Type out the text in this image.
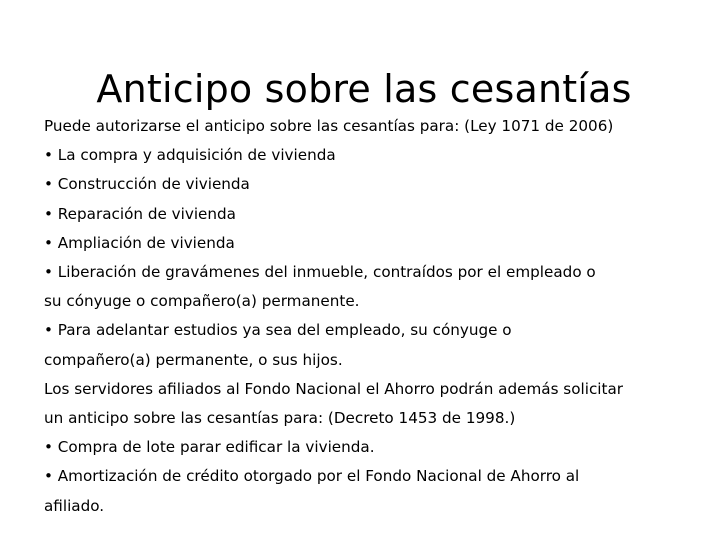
Anticipo sobre las cesantías
Puede autorizarse el anticipo sobre las cesantías para: (Ley 1071 de 2006)
• La compra y adquisición de vivienda
• Construcción de vivienda
• Reparación de vivienda
• Ampliación de vivienda
• Liberación de gravámenes del inmueble, contraídos por el empleado o
su cónyuge o compañero(a) permanente.
• Para adelantar estudios ya sea del empleado, su cónyuge o
compañero(a) permanente, o sus hijos.
Los servidores afiliados al Fondo Nacional el Ahorro podrán además solicitar
un anticipo sobre las cesantías para: (Decreto 1453 de 1998.)
• Compra de lote parar edificar la vivienda.
• Amortización de crédito otorgado por el Fondo Nacional de Ahorro al
afiliado.
